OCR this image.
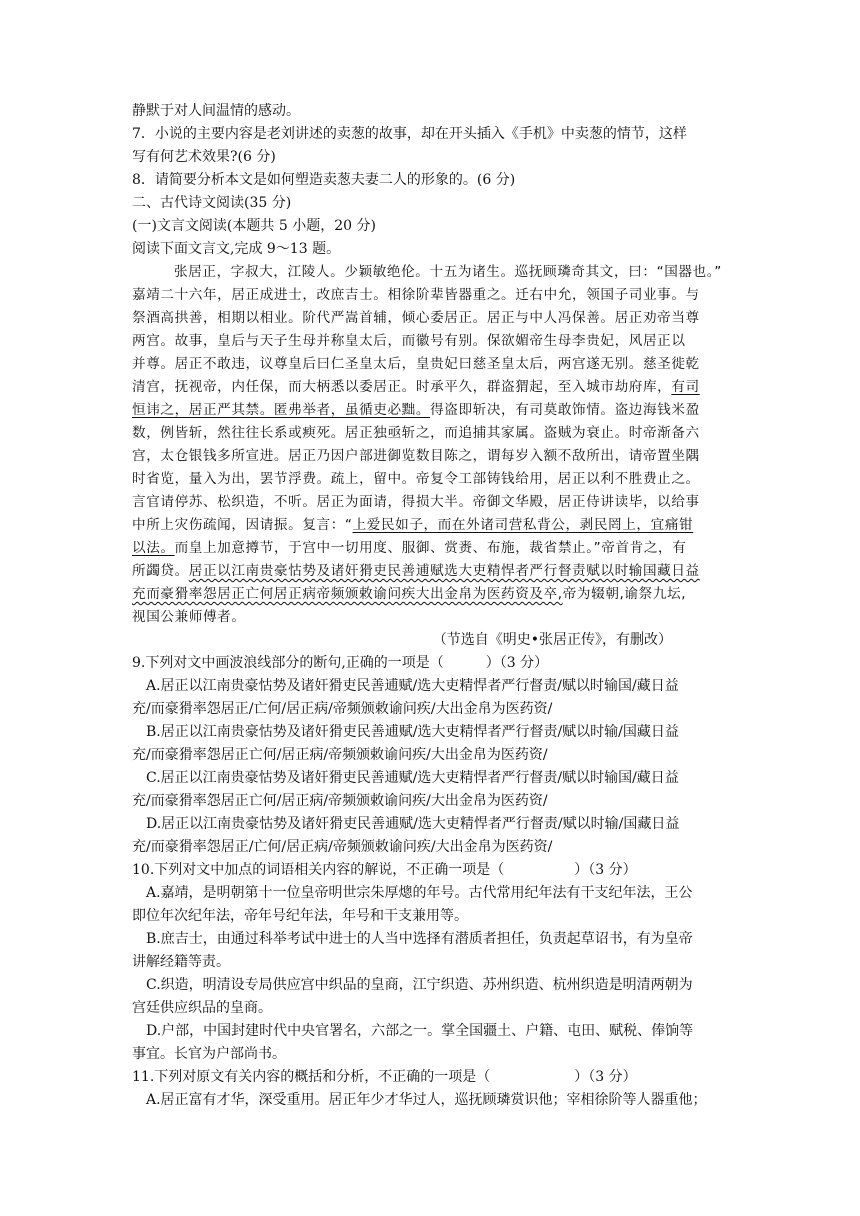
静默于对人间温情的感动。

7．小说的主要内容是老刘讲述的卖葱的故事，却在开头插入《手机》中卖葱的情节，这样

写有何艺术效果?(6 分)

8．请简要分析本文是如何塑造卖葱夫妻二人的形象的。(6 分)

二、古代诗文阅读(35 分)

(一)文言文阅读(本题共 5 小题，20 分)

阅读下面文言文,完成 9～13 题。

张居正，字叔大，江陵人。少颖敏绝伦。十五为诸生。巡抚顾璘奇其文，曰：“国器也。”

嘉靖二十六年，居正成进士，改庶吉士。相徐阶辈皆器重之。迁右中允，领国子司业事。与

祭酒高拱善，相期以相业。阶代严嵩首辅，倾心委居正。居正与中人冯保善。居正劝帝当尊

两宫。故事，皇后与天子生母并称皇太后，而徽号有别。保欲媚帝生母李贵妃，风居正以

并尊。居正不敢违，议尊皇后曰仁圣皇太后，皇贵妃曰慈圣皇太后，两宫遂无别。慈圣徙乾

清宫，抚视帝，内任保，而大柄悉以委居正。时承平久，群盗猬起，至入城市劫府库，有司

恒讳之，居正严其禁。匿弗举者，虽循吏必黜。得盗即斩决，有司莫敢饰情。盗边海钱米盈

数，例皆斩，然往往长系或瘐死。居正独亟斩之，而追捕其家属。盗贼为衰止。时帝渐备六

宫，太仓银钱多所宣进。居正乃因户部进御览数目陈之，谓每岁入额不敌所出，请帝置坐隅

时省览，量入为出，罢节浮费。疏上，留中。帝复令工部铸钱给用，居正以利不胜费止之。

言官请停苏、松织造，不听。居正为面请，得损大半。帝御文华殿，居正侍讲读毕，以给事

中所上灾伤疏闻，因请振。复言：“上爱民如子，而在外诸司营私背公，剥民罔上，宜痛钳

以法。而皇上加意撙节，于宫中一切用度、服御、赏赉、布施，裁省禁止。”帝首肯之，有

所蠲贷。居正以江南贵豪怙势及诸奸猾吏民善逋赋选大吏精悍者严行督责赋以时输国藏日益

充而豪猾率怨居正亡何居正病帝频颁敕谕问疾大出金帛为医药资及卒,帝为辍朝,谕祭九坛,

视国公兼师傅者。

（节选自《明史•张居正传》，有删改）

9.下列对文中画波浪线部分的断句,正确的一项是（　　　）（3 分）

A.居正以江南贵豪怙势及诸奸猾吏民善逋赋/选大吏精悍者严行督责/赋以时输国/藏日益

充/而豪猾率怨居正/亡何/居正病/帝频颁敕谕问疾/大出金帛为医药资/

B.居正以江南贵豪怙势及诸奸猾吏民善逋赋/选大吏精悍者严行督责/赋以时输/国藏日益

充/而豪猾率怨居正亡何/居正病/帝频颁敕谕问疾/大出金帛为医药资/

C.居正以江南贵豪怙势及诸奸猾吏民善逋赋/选大吏精悍者严行督责/赋以时输国/藏日益

充/而豪猾率怨居正亡何/居正病/帝频颁敕谕问疾/大出金帛为医药资/

D.居正以江南贵豪怙势及诸奸猾吏民善逋赋/选大吏精悍者严行督责/赋以时输/国藏日益

充/而豪猾率怨居正/亡何/居正病/帝频颁敕谕问疾/大出金帛为医药资/

10.下列对文中加点的词语相关内容的解说，不正确一项是（　　　　　）（3 分）

A.嘉靖，是明朝第十一位皇帝明世宗朱厚熜的年号。古代常用纪年法有干支纪年法，王公

即位年次纪年法，帝年号纪年法，年号和干支兼用等。

B.庶吉士，由通过科举考试中进士的人当中选择有潜质者担任，负责起草诏书，有为皇帝

讲解经籍等责。

C.织造，明清设专局供应宫中织品的皇商，江宁织造、苏州织造、杭州织造是明清两朝为

宫廷供应织品的皇商。

D.户部，中国封建时代中央官署名，六部之一。掌全国疆土、户籍、屯田、赋税、俸饷等

事宜。长官为户部尚书。

11.下列对原文有关内容的概括和分析，不正确的一项是（　　　　　　）（3 分）

A.居正富有才华，深受重用。居正年少才华过人，巡抚顾璘赏识他；宰相徐阶等人器重他；
